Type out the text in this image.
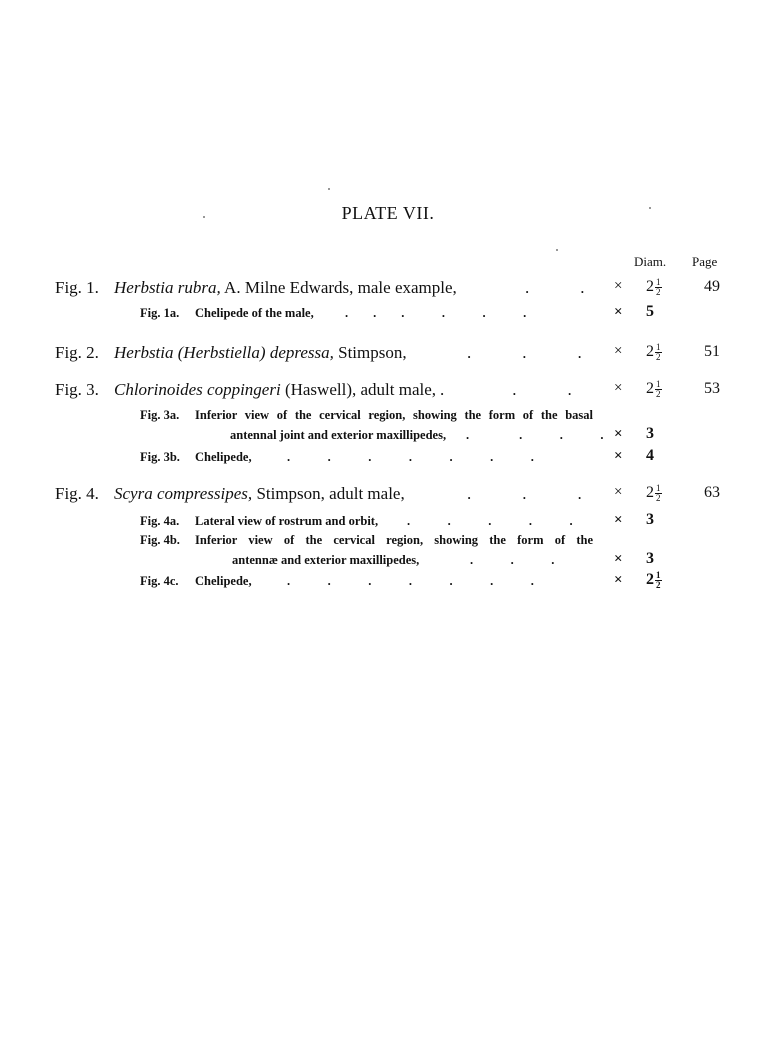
PLATE VII.
Diam. Page
Fig. 1. Herbstia rubra, A. Milne Edwards, male example,	.   . × $2 \frac{1}{2}$	49
Fig. 1a. Chelipede of the male,	.  .  .   .   .   .	× 5
Fig. 2. Herbstia (Herbstiella) depressa, Stimpson,	.   .   . × $2 \frac{1}{2}$	51
Fig. 3. Chlorinoides coppingeri (Haswell), adult male, .    .   .	× $2 \frac{1}{2}$	53
Fig. 3a. Inferior view of the cervical region, showing the form of the basal
antennal joint and exterior maxillipedes, .    .   .   . × 3
Fig. 3b. Chelipede,	.   .   .   .   .   .   .	× 4
Fig. 4. Scyra compressipes, Stimpson, adult male,	.   .   . × $2 \frac{1}{2}$	63
Fig. 4a. Lateral view of rostrum and orbit, .   .   .   .   .	× 3
Fig. 4b. Inferior view of the cervical region, showing the form of the
antennæ and exterior maxillipedes,	.   .   .	× 3
Fig. 4c. Chelipede,	.   .   .   .   .   .   .	× $2 \frac{1}{2}$
